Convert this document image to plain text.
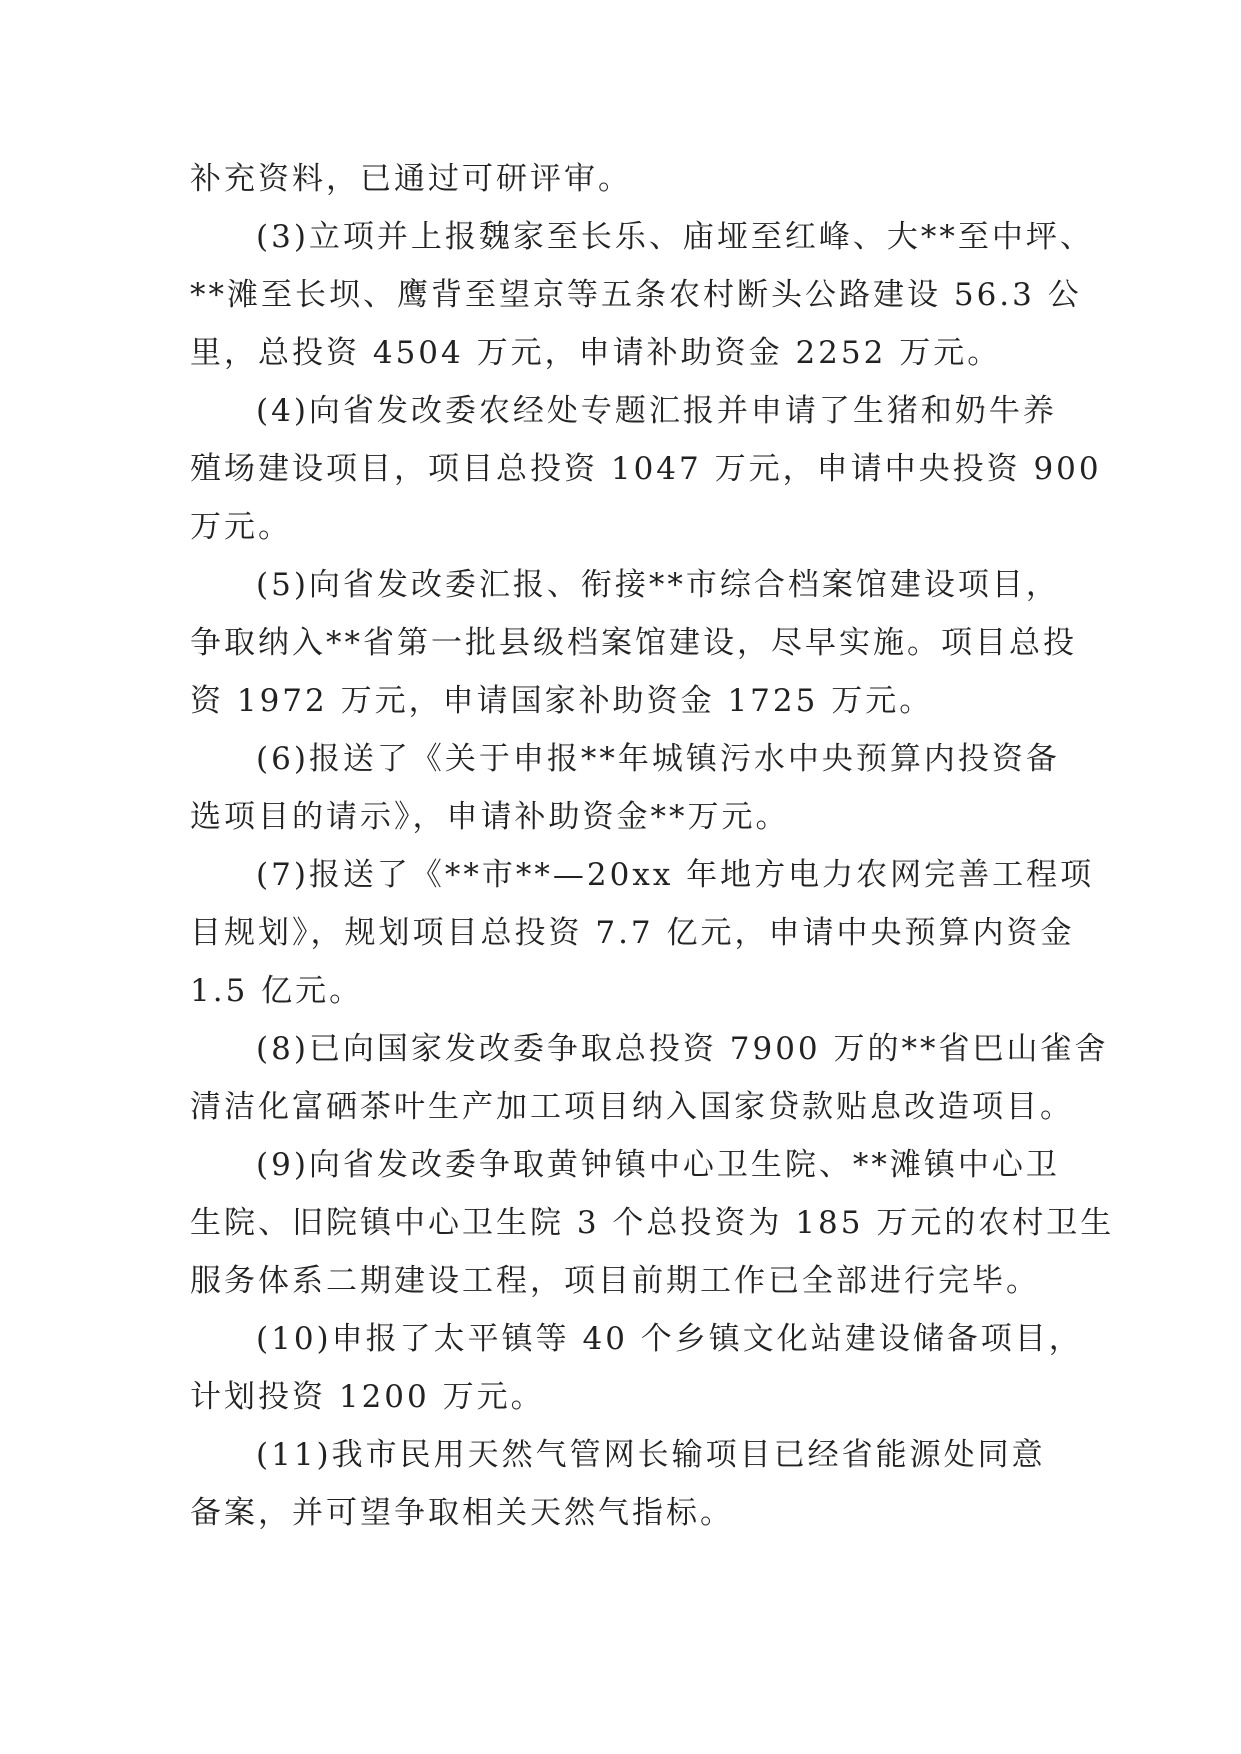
补充资料，已通过可研评审。
(3)立项并上报魏家至长乐、庙垭至红峰、大**至中坪、
**滩至长坝、鹰背至望京等五条农村断头公路建设 56.3 公
里，总投资 4504 万元，申请补助资金 2252 万元。
(4)向省发改委农经处专题汇报并申请了生猪和奶牛养
殖场建设项目，项目总投资 1047 万元，申请中央投资 900
万元。
(5)向省发改委汇报、衔接**市综合档案馆建设项目，
争取纳入**省第一批县级档案馆建设，尽早实施。项目总投
资 1972 万元，申请国家补助资金 1725 万元。
(6)报送了《关于申报**年城镇污水中央预算内投资备
选项目的请示》，申请补助资金**万元。
(7)报送了《**市**—20xx 年地方电力农网完善工程项
目规划》，规划项目总投资 7.7 亿元，申请中央预算内资金
1.5 亿元。
(8)已向国家发改委争取总投资 7900 万的**省巴山雀舍
清洁化富硒茶叶生产加工项目纳入国家贷款贴息改造项目。
(9)向省发改委争取黄钟镇中心卫生院、**滩镇中心卫
生院、旧院镇中心卫生院 3 个总投资为 185 万元的农村卫生
服务体系二期建设工程，项目前期工作已全部进行完毕。
(10)申报了太平镇等 40 个乡镇文化站建设储备项目，
计划投资 1200 万元。
(11)我市民用天然气管网长输项目已经省能源处同意
备案，并可望争取相关天然气指标。
